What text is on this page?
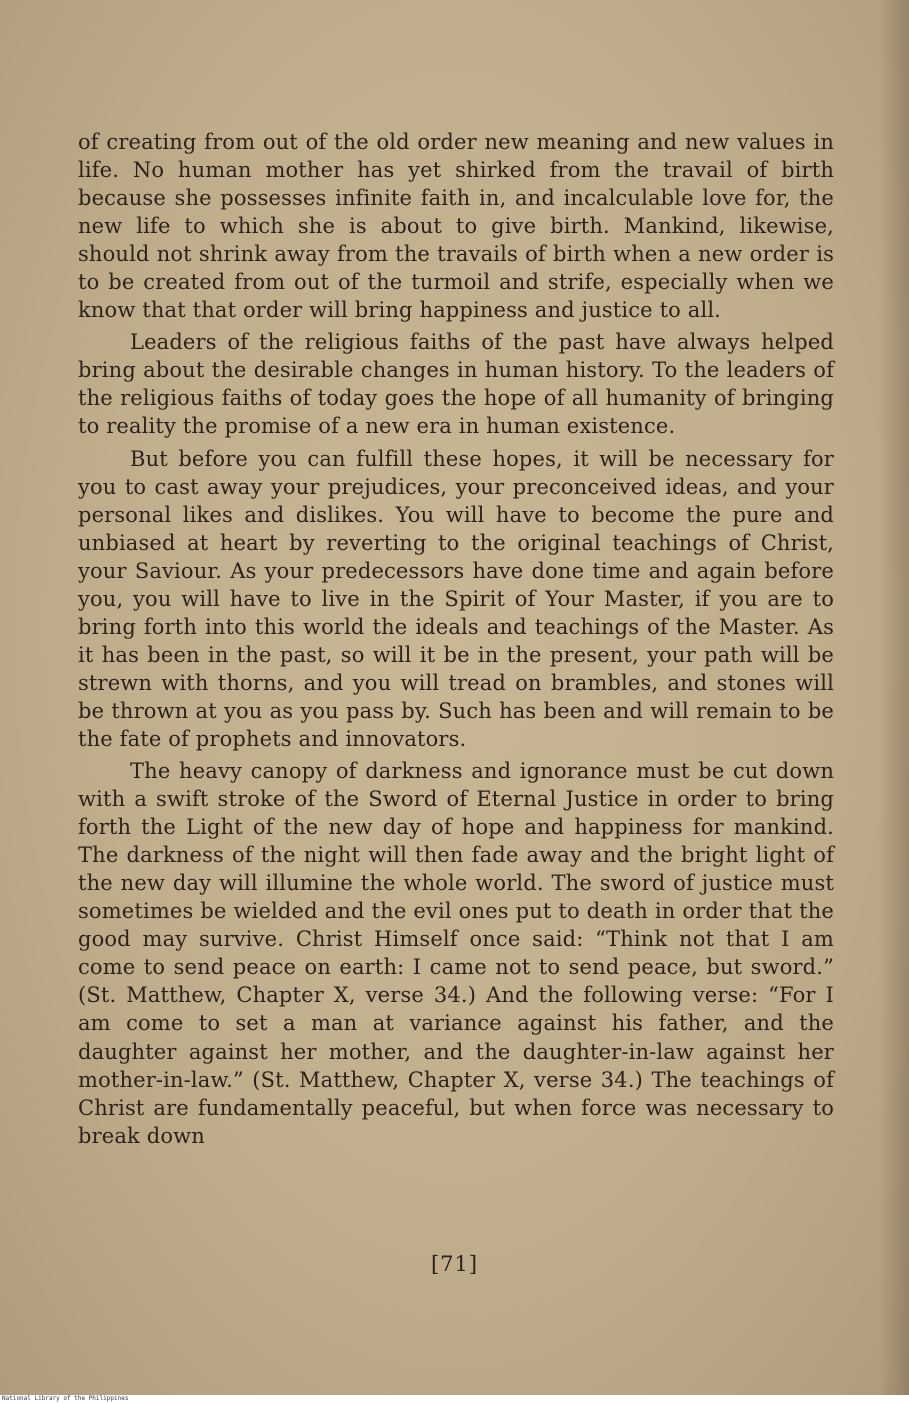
of creating from out of the old order new meaning and new values in life. No human mother has yet shirked from the travail of birth because she possesses infinite faith in, and incalculable love for, the new life to which she is about to give birth. Mankind, likewise, should not shrink away from the travails of birth when a new order is to be created from out of the turmoil and strife, especially when we know that that order will bring happiness and justice to all.

Leaders of the religious faiths of the past have always helped bring about the desirable changes in human history. To the leaders of the religious faiths of today goes the hope of all humanity of bringing to reality the promise of a new era in human existence.

But before you can fulfill these hopes, it will be necessary for you to cast away your prejudices, your preconceived ideas, and your personal likes and dislikes. You will have to become the pure and unbiased at heart by reverting to the original teachings of Christ, your Saviour. As your predecessors have done time and again before you, you will have to live in the Spirit of Your Master, if you are to bring forth into this world the ideals and teachings of the Master. As it has been in the past, so will it be in the present, your path will be strewn with thorns, and you will tread on brambles, and stones will be thrown at you as you pass by. Such has been and will remain to be the fate of prophets and innovators.

The heavy canopy of darkness and ignorance must be cut down with a swift stroke of the Sword of Eternal Justice in order to bring forth the Light of the new day of hope and happiness for mankind. The darkness of the night will then fade away and the bright light of the new day will illumine the whole world. The sword of justice must sometimes be wielded and the evil ones put to death in order that the good may survive. Christ Himself once said: “Think not that I am come to send peace on earth: I came not to send peace, but sword.” (St. Matthew, Chapter X, verse 34.) And the following verse: “For I am come to set a man at variance against his father, and the daughter against her mother, and the daughter-in-law against her mother-in-law.” (St. Matthew, Chapter X, verse 34.) The teachings of Christ are fundamentally peaceful, but when force was necessary to break down

[71]
National Library of the Philippines
